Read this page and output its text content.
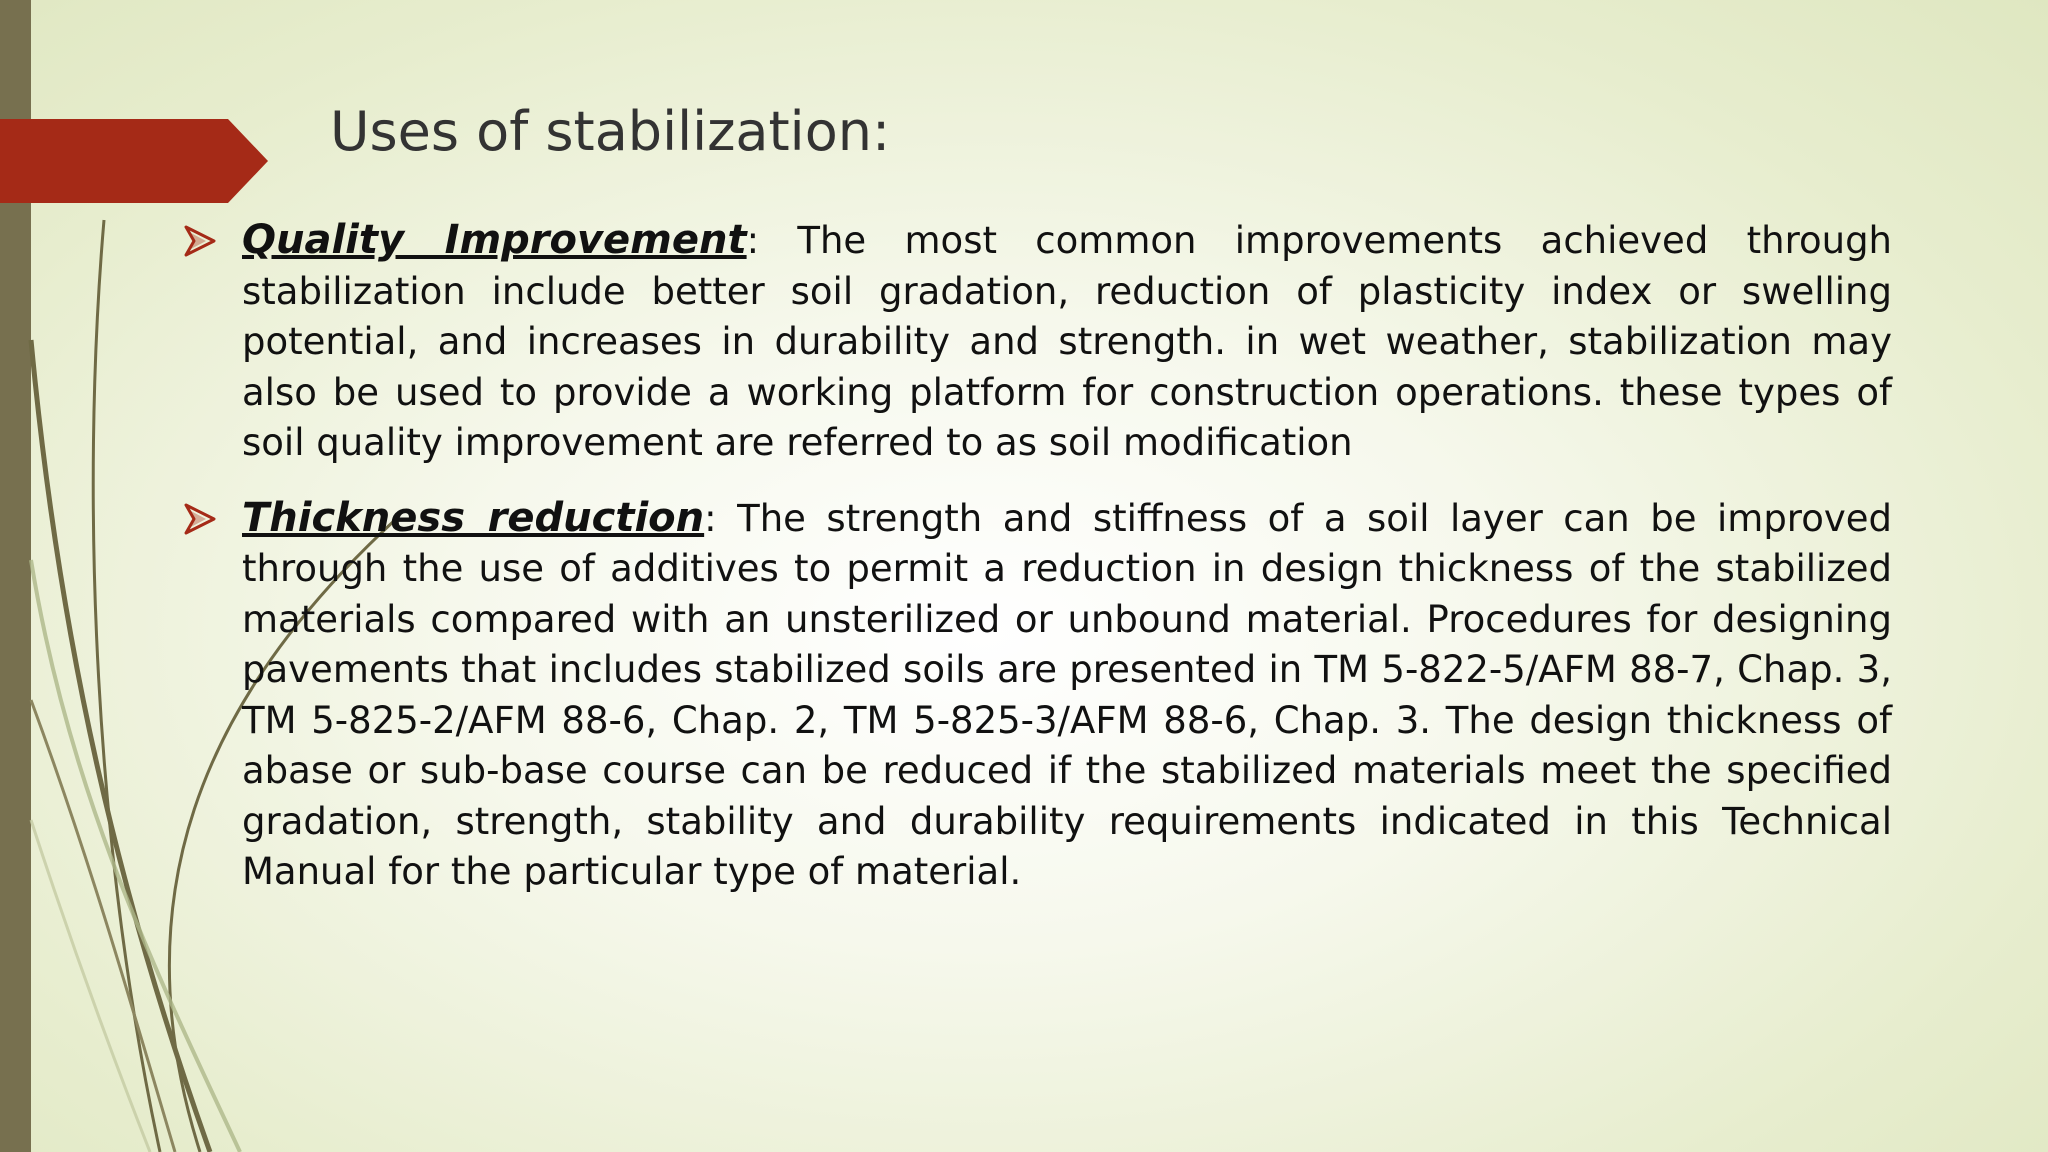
Uses of stabilization:
Quality Improvement: The most common improvements achieved through stabilization include better soil gradation, reduction of plasticity index or swelling potential, and increases in durability and strength. in wet weather, stabilization may also be used to provide a working platform for construction operations. these types of soil quality improvement are referred to as soil modification
Thickness reduction: The strength and stiffness of a soil layer can be improved through the use of additives to permit a reduction in design thickness of the stabilized materials compared with an unsterilized or unbound material. Procedures for designing pavements that includes stabilized soils are presented in TM 5-822-5/AFM 88-7, Chap. 3, TM 5-825-2/AFM 88-6, Chap. 2, TM 5-825-3/AFM 88-6, Chap. 3. The design thickness of abase or sub-base course can be reduced if the stabilized materials meet the specified gradation, strength, stability and durability requirements indicated in this Technical Manual for the particular type of material.
